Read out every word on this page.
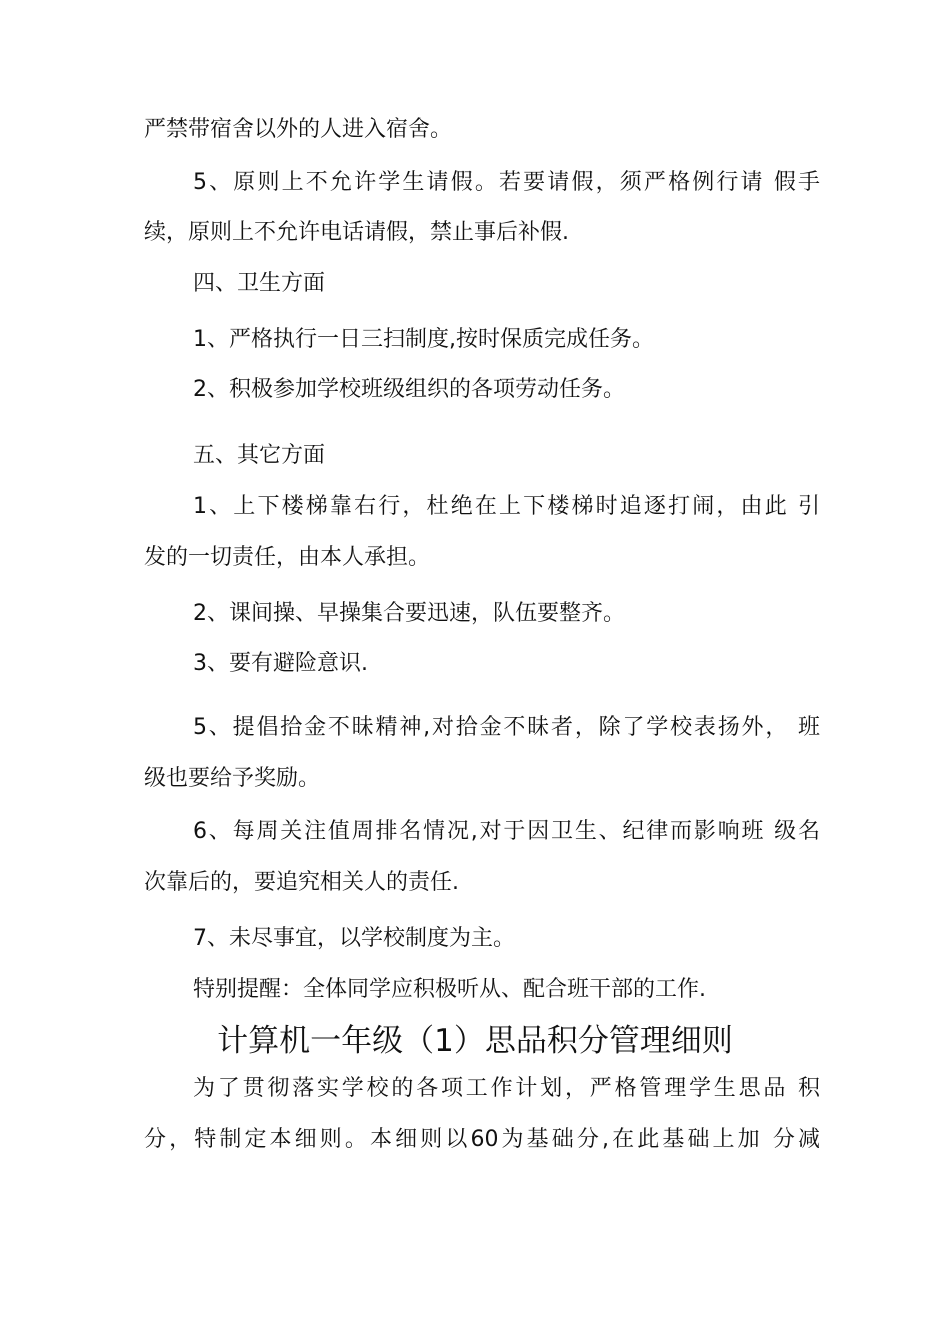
严禁带宿舍以外的人进入宿舍。
5、原则上不允许学生请假。若要请假，须严格例行请 假手
续，原则上不允许电话请假，禁止事后补假.
四、卫生方面
1、严格执行一日三扫制度,按时保质完成任务。
2、积极参加学校班级组织的各项劳动任务。
五、其它方面
1、上下楼梯靠右行，杜绝在上下楼梯时追逐打闹，由此 引
发的一切责任，由本人承担。
2、课间操、早操集合要迅速，队伍要整齐。
3、要有避险意识.
5、提倡拾金不昧精神,对拾金不昧者，除了学校表扬外， 班
级也要给予奖励。
6、每周关注值周排名情况,对于因卫生、纪律而影响班 级名
次靠后的，要追究相关人的责任.
7、未尽事宜，以学校制度为主。
特别提醒：全体同学应积极听从、配合班干部的工作.
计算机一年级（1）思品积分管理细则
为了贯彻落实学校的各项工作计划，严格管理学生思品 积
分，特制定本细则。本细则以60为基础分,在此基础上加 分减
